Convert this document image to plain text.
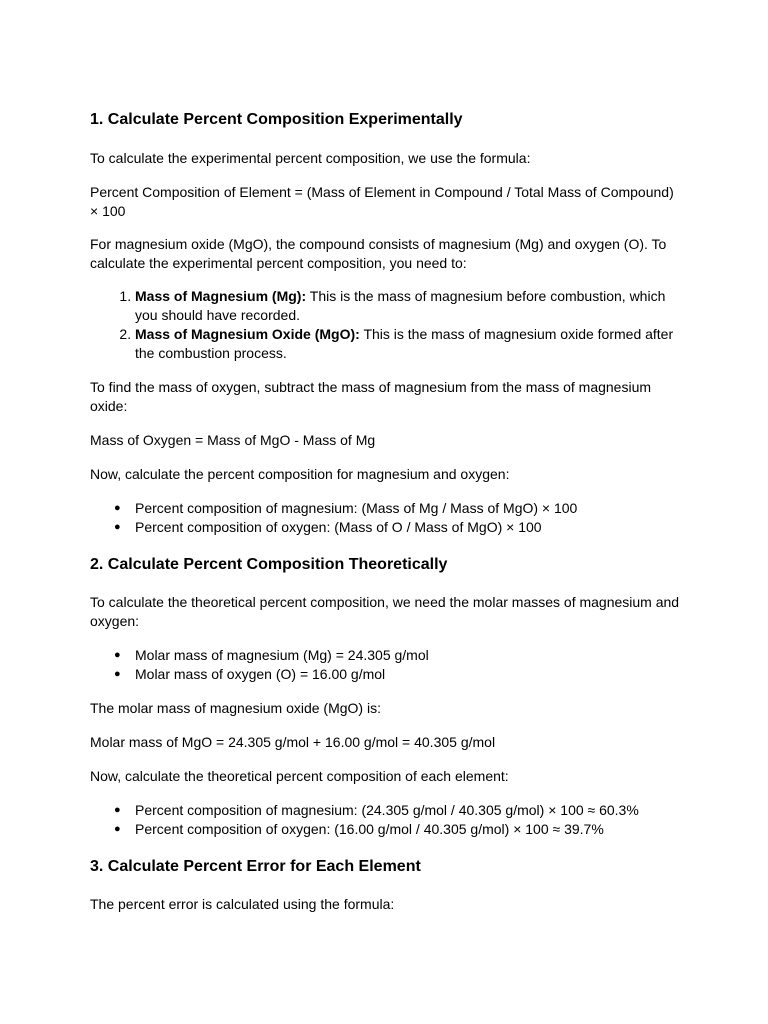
1. Calculate Percent Composition Experimentally

To calculate the experimental percent composition, we use the formula:

Percent Composition of Element = (Mass of Element in Compound / Total Mass of Compound) × 100

For magnesium oxide (MgO), the compound consists of magnesium (Mg) and oxygen (O). To calculate the experimental percent composition, you need to:

1. Mass of Magnesium (Mg): This is the mass of magnesium before combustion, which you should have recorded.
2. Mass of Magnesium Oxide (MgO): This is the mass of magnesium oxide formed after the combustion process.

To find the mass of oxygen, subtract the mass of magnesium from the mass of magnesium oxide:

Mass of Oxygen = Mass of MgO - Mass of Mg

Now, calculate the percent composition for magnesium and oxygen:

● Percent composition of magnesium: (Mass of Mg / Mass of MgO) × 100
● Percent composition of oxygen: (Mass of O / Mass of MgO) × 100
2. Calculate Percent Composition Theoretically

To calculate the theoretical percent composition, we need the molar masses of magnesium and oxygen:

● Molar mass of magnesium (Mg) = 24.305 g/mol
● Molar mass of oxygen (O) = 16.00 g/mol

The molar mass of magnesium oxide (MgO) is:

Molar mass of MgO = 24.305 g/mol + 16.00 g/mol = 40.305 g/mol

Now, calculate the theoretical percent composition of each element:

● Percent composition of magnesium: (24.305 g/mol / 40.305 g/mol) × 100 ≈ 60.3%
● Percent composition of oxygen: (16.00 g/mol / 40.305 g/mol) × 100 ≈ 39.7%
3. Calculate Percent Error for Each Element

The percent error is calculated using the formula:
